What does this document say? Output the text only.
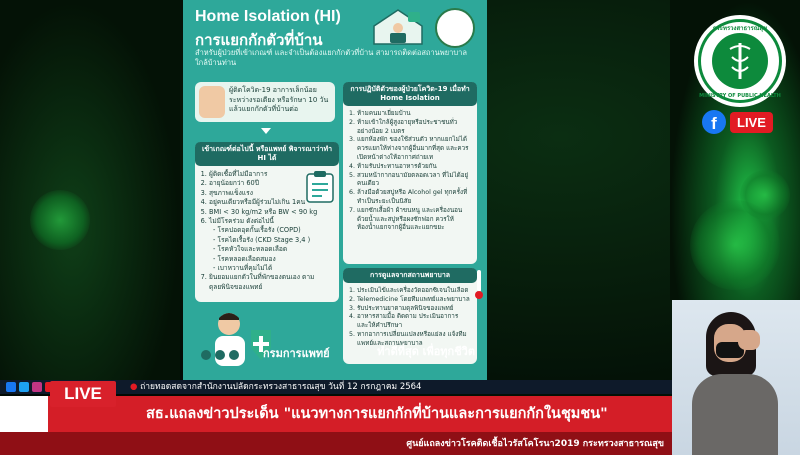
Home Isolation (HI)
การแยกกักตัวที่บ้าน
สำหรับผู้ป่วยที่เข้าเกณฑ์ และจำเป็นต้องแยกกักตัวที่บ้าน สามารถติดต่อสถานพยาบาลใกล้บ้านท่าน
ผู้ติดโควิด-19 อาการเล็กน้อย ระหว่างรอเตียง หรือรักษา 10 วัน แล้วแยกกักตัวที่บ้านต่อ
เข้าเกณฑ์ต่อไปนี้ หรือแพทย์ พิจารณาว่าทำ HI ได้
1. ผู้ติดเชื้อที่ไม่มีอาการ
2. อายุน้อยกว่า 60ปี
3. สุขภาพแข็งแรง
4. อยู่คนเดียวหรือมีผู้ร่วมไม่เกิน 1คน
5. BMI < 30 kg/m2 หรือ BW < 90 kg
6. ไม่มีโรคร่วม ดังต่อไปนี้
- โรคปอดอุดกั้นเรื้อรัง (COPD)
- โรคไตเรื้อรัง (CKD Stage 3,4 )
- โรคหัวใจและหลอดเลือด
- โรคหลอดเลือดสมอง
- เบาหวานที่คุมไม่ได้
7. ยินยอมแยกตัวในที่พักของตนเอง ตามดุลยพินิจของแพทย์
การปฏิบัติตัวของผู้ป่วยโควิด-19 เมื่อทำ Home Isolation
1. ห้ามคนมาเยี่ยมบ้าน
2. ห้ามเข้าใกล้ผู้สูงอายุหรือประชาชนทั่ว อย่างน้อย 2 เมตร
3. แยกห้องพัก ของใช้ส่วนตัว หากแยกไม่ได้ ควรแยกให้ห่างจากผู้อื่นมากที่สุด และควรเปิดหน้าต่างให้อากาศถ่ายเท
4. ห้ามรับประทานอาหารด้วยกัน
5. สวมหน้ากากอนามัยตลอดเวลา ที่ไม่ได้อยู่คนเดียว
6. ล้างมือด้วยสบู่หรือ Alcohol gel ทุกครั้งที่ทำเป็นระยะเป็นนิสัย
7. แยกซักเสื้อผ้า ผ้าขนหนู และเครื่องนอน ด้วยน้ำและสบู่หรือผงซักฟอก ควรให้ห้องน้ำแยกจากผู้อื่นและแยกขยะ
การดูแลจากสถานพยาบาล
1. ประเมินไข้และเครื่องวัดออกซิเจนในเลือด
2. Telemedicine โดยทีมแพทย์และพยาบาล
3. รับประทานยาตามดุลพินิจของแพทย์
4. อาหารสามมื้อ ติดตาม ประเมินอาการ และให้คำปรึกษา
5. หากอาการเปลี่ยนแปลงหรือแย่ลง แจ้งทีมแพทย์และสถานพยาบาล
กรมการแพทย์	ทำดีที่สุด เพื่อทุกชีวิต
กระทรวงสาธารณสุข
MINISTRY OF PUBLIC HEALTH
f	LIVE
● ถ่ายทอดสดจากสำนักงานปลัดกระทรวงสาธารณสุข วันที่ 12 กรกฎาคม 2564
LIVE
สธ.แถลงข่าวประเด็น "แนวทางการแยกกักที่บ้านและการแยกกักในชุมชน"
ศูนย์แถลงข่าวโรคติดเชื้อไวรัสโคโรนา2019 กระทรวงสาธารณสุข
